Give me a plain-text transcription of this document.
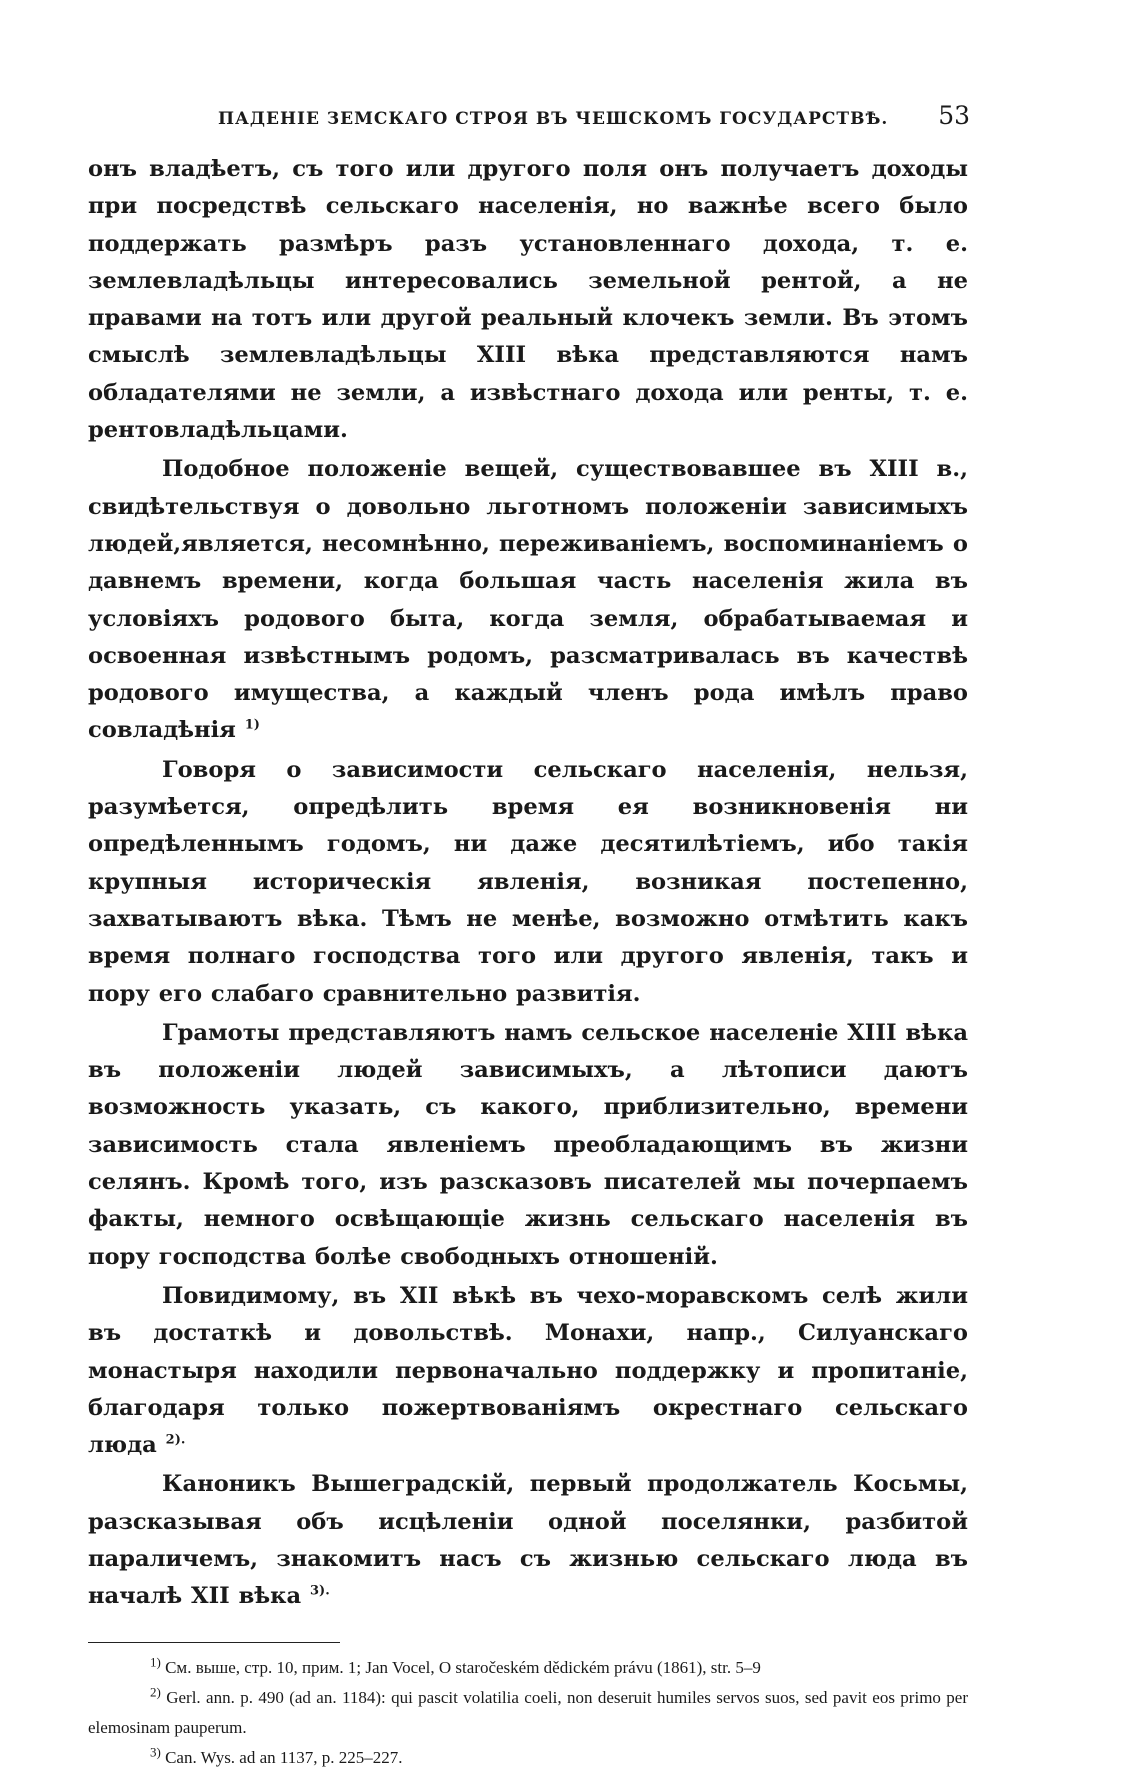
ПАДЕНІЕ ЗЕМСКАГО СТРОЯ ВЪ ЧЕШСКОМЪ ГОСУДАРСТВѢ. 53

онъ владѣетъ, съ того или другого поля онъ получаетъ доходы при посредствѣ сельскаго населенія, но важнѣе всего было поддержать размѣръ разъ установленнаго дохода, т. е. землевладѣльцы интересовались земельной рентой, а не правами на тотъ или другой реальный клочекъ земли. Въ этомъ смыслѣ землевладѣльцы XIII вѣка представляются намъ обладателями не земли, а извѣстнаго дохода или ренты, т. е. рентовладѣльцами.

Подобное положеніе вещей, существовавшее въ XIII в., свидѣтельствуя о довольно льготномъ положеніи зависимыхъ людей,является, несомнѣнно, переживаніемъ, воспоминаніемъ о давнемъ времени, когда большая часть населенія жила въ условіяхъ родового быта, когда земля, обрабатываемая и освоенная извѣстнымъ родомъ, разсматривалась въ качествѣ родового имущества, а каждый членъ рода имѣлъ право совладѣнія $^{1)}$

Говоря о зависимости сельскаго населенія, нельзя, разумѣется, опредѣлить время ея возникновенія ни опредѣленнымъ годомъ, ни даже десятилѣтіемъ, ибо такія крупныя историческія явленія, возникая постепенно, захватываютъ вѣка. Тѣмъ не менѣе, возможно отмѣтить какъ время полнаго господства того или другого явленія, такъ и пору его слабаго сравнительно развитія.

Грамоты представляютъ намъ сельское населеніе XIII вѣка въ положеніи людей зависимыхъ, а лѣтописи даютъ возможность указать, съ какого, приблизительно, времени зависимость стала явленіемъ преобладающимъ въ жизни селянъ. Кромѣ того, изъ разсказовъ писателей мы почерпаемъ факты, немного освѣщающіе жизнь сельскаго населенія въ пору господства болѣе свободныхъ отношеній.

Повидимому, въ XII вѣкѣ въ чехо-моравскомъ селѣ жили въ достаткѣ и довольствѣ. Монахи, напр., Силуанскаго монастыря находили первоначально поддержку и пропитаніе, благодаря только пожертвованіямъ окрестнаго сельскаго люда $^{2).}$

Каноникъ Вышеградскій, первый продолжатель Косьмы, разсказывая объ исцѣленіи одной поселянки, разбитой параличемъ, знакомитъ насъ съ жизнью сельскаго люда въ началѣ XII вѣка $^{3).}$

$^{1)}$ См. выше, стр. 10, прим. 1; Jan Vocel, O staročeském dědickém právu (1861), str. 5–9

$^{2)}$ Gerl. ann. p. 490 (ad an. 1184): qui pascit volatilia coeli, non deseruit humiles servos suos, sed pavit eos primo per elemosinam pauperum.

$^{3)}$ Can. Wys. ad an 1137, p. 225–227.
